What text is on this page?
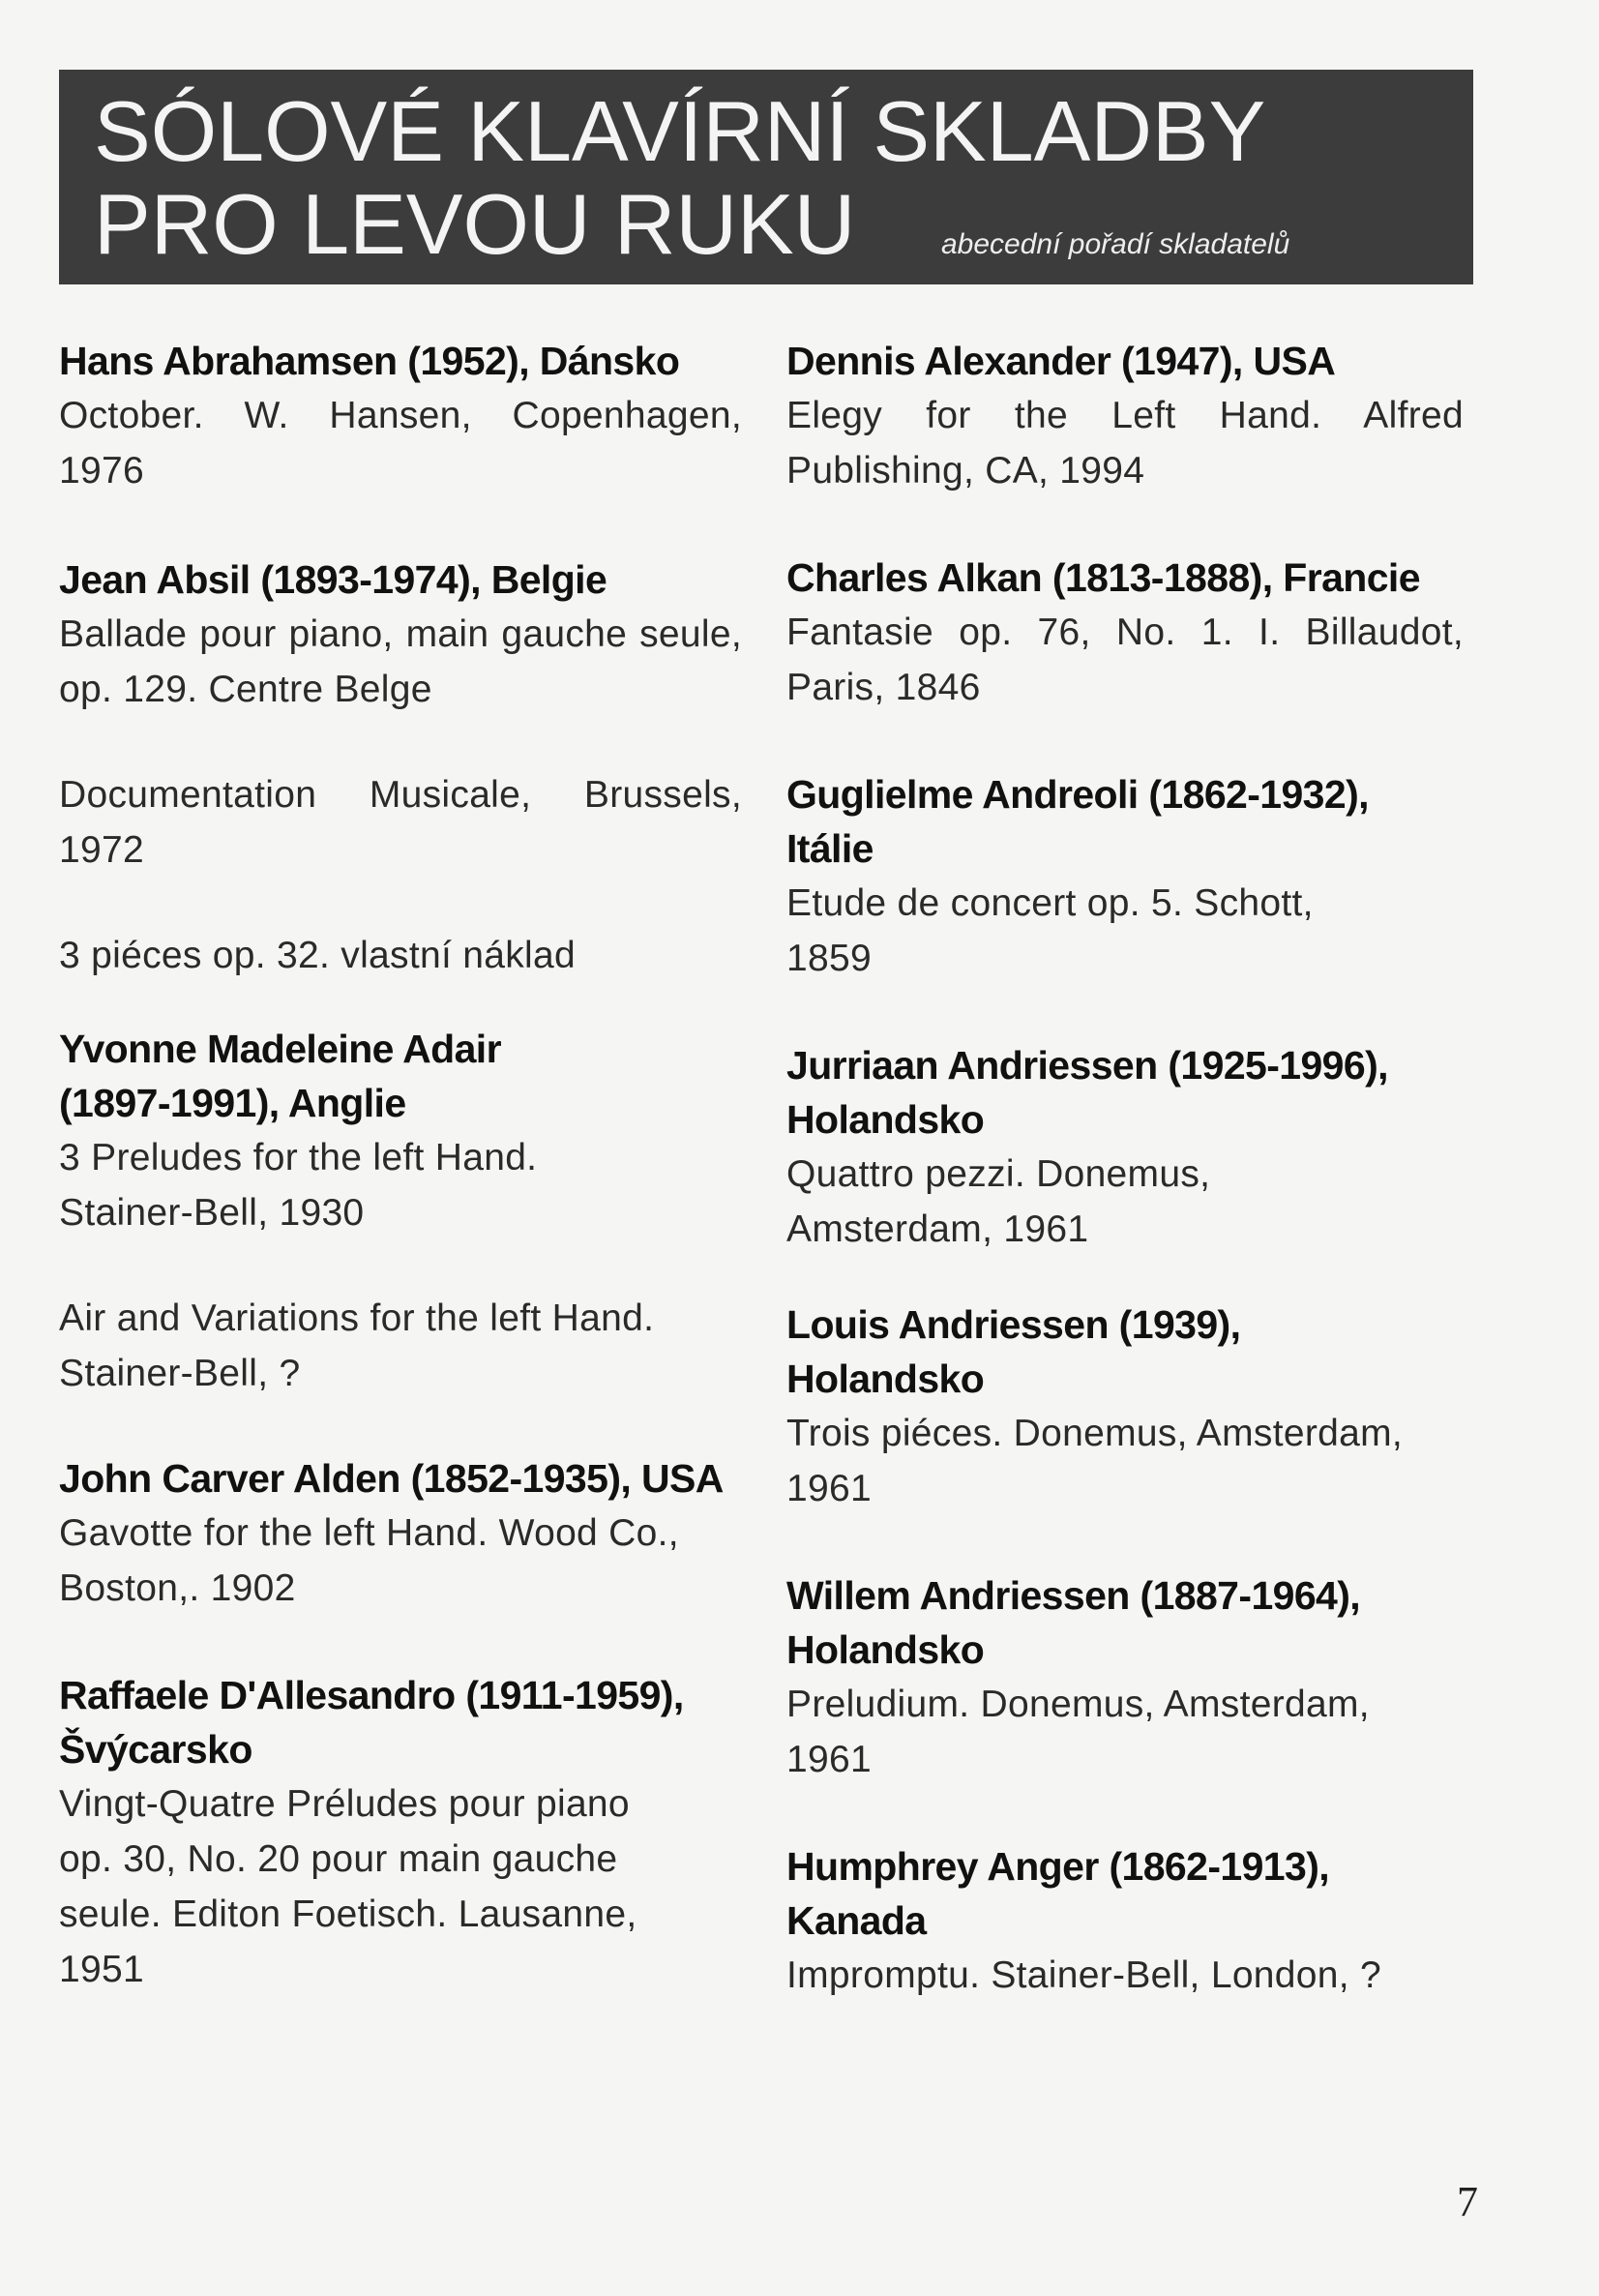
SÓLOVÉ KLAVÍRNÍ SKLADBY
PRO LEVOU RUKU	abecední pořadí skladatelů
Hans Abrahamsen (1952), Dánsko
October. W. Hansen, Copenhagen, 1976
Jean Absil (1893-1974), Belgie
Ballade pour piano, main gauche seule, op. 129. Centre Belge
Documentation Musicale, Brussels, 1972
3 piéces op. 32. vlastní náklad
Yvonne Madeleine Adair
(1897-1991), Anglie
3 Preludes for the left Hand.
Stainer-Bell, 1930
Air and Variations for the left Hand.
Stainer-Bell, ?
John Carver Alden (1852-1935), USA
Gavotte for the left Hand. Wood Co.,
Boston,. 1902
Raffaele D'Allesandro (1911-1959), Švýcarsko
Vingt-Quatre Préludes pour piano
op. 30, No. 20 pour main gauche
seule. Editon Foetisch. Lausanne,
1951
Dennis Alexander (1947), USA
Elegy for the Left Hand. Alfred Publishing, CA, 1994
Charles Alkan (1813-1888), Francie
Fantasie op. 76, No. 1. I. Billaudot, Paris, 1846
Guglielme Andreoli (1862-1932), Itálie
Etude de concert op. 5. Schott,
1859
Jurriaan Andriessen (1925-1996), Holandsko
Quattro pezzi. Donemus,
Amsterdam, 1961
Louis Andriessen (1939),
Holandsko
Trois piéces. Donemus, Amsterdam,
1961
Willem Andriessen (1887-1964), Holandsko
Preludium. Donemus, Amsterdam,
1961
Humphrey Anger (1862-1913), Kanada
Impromptu. Stainer-Bell, London, ?
7
